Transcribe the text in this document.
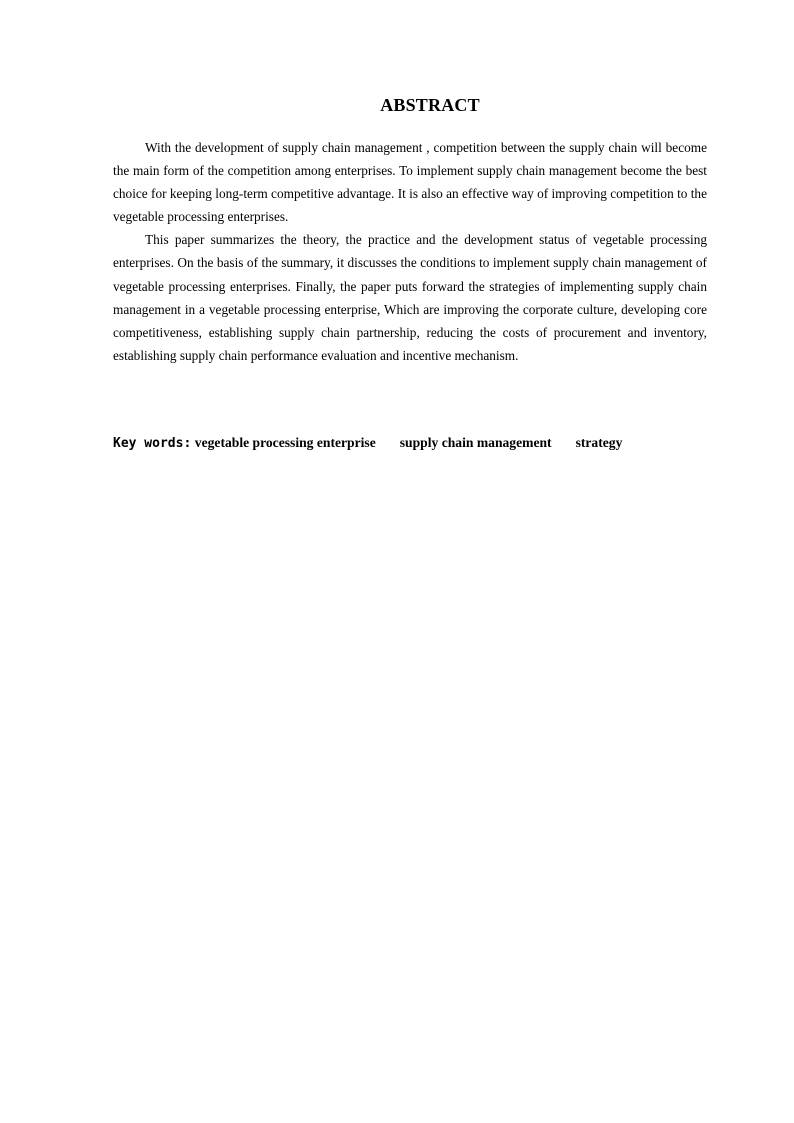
ABSTRACT

With the development of supply chain management , competition between the supply chain will become the main form of the competition among enterprises. To implement supply chain management become the best choice for keeping long-term competitive advantage. It is also an effective way of improving competition to the vegetable processing enterprises.

This paper summarizes the theory, the practice and the development status of vegetable processing enterprises. On the basis of the summary, it discusses the conditions to implement supply chain management of vegetable processing enterprises. Finally, the paper puts forward the strategies of implementing supply chain management in a vegetable processing enterprise, Which are improving the corporate culture, developing core competitiveness, establishing supply chain partnership, reducing the costs of procurement and inventory, establishing supply chain performance evaluation and incentive mechanism.

Key words: vegetable processing enterprise supply chain management strategy
